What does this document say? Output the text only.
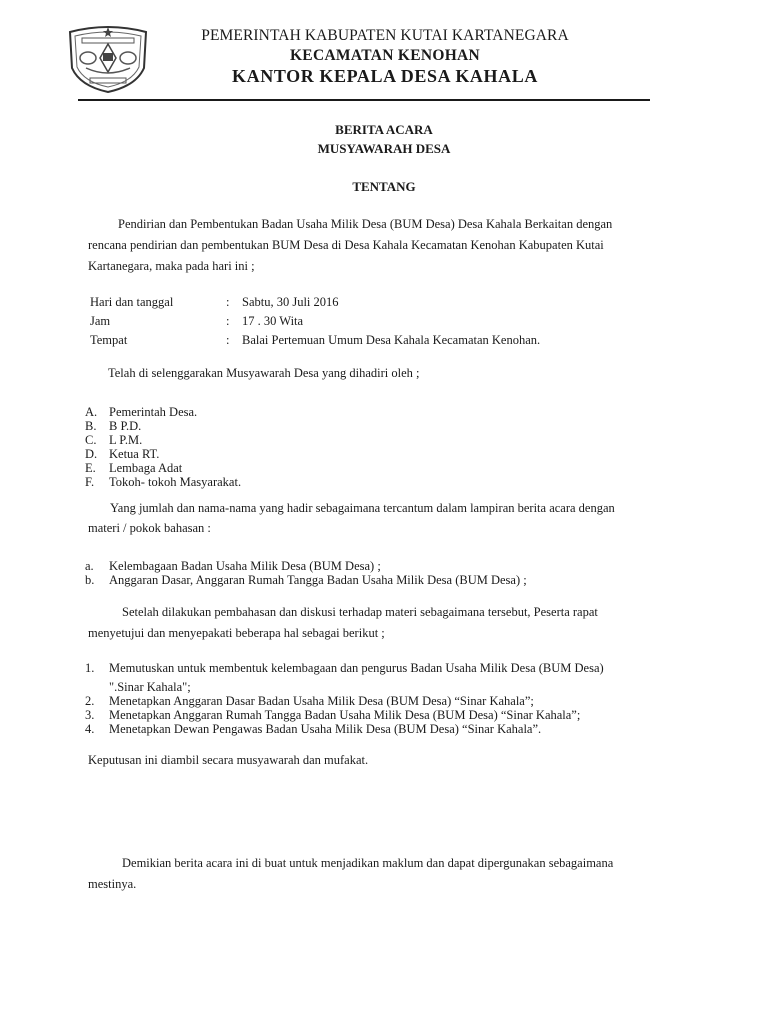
PEMERINTAH KABUPATEN KUTAI KARTANEGARA
KECAMATAN KENOHAN
KANTOR KEPALA DESA KAHALA
BERITA ACARA
MUSYAWARAH DESA
TENTANG
Pendirian dan Pembentukan Badan Usaha Milik Desa (BUM Desa) Desa Kahala Berkaitan dengan
rencana pendirian dan pembentukan BUM Desa di Desa Kahala Kecamatan Kenohan Kabupaten Kutai
Kartanegara, maka pada hari ini ;
Hari dan tanggal	: Sabtu, 30 Juli 2016
Jam	: 17 . 30 Wita
Tempat	: Balai Pertemuan Umum Desa Kahala Kecamatan Kenohan.
Telah di selenggarakan Musyawarah Desa yang dihadiri oleh ;
A. Pemerintah Desa.
B. B P.D.
C. L P.M.
D. Ketua RT.
E. Lembaga Adat
F. Tokoh- tokoh Masyarakat.
Yang jumlah dan nama-nama yang hadir sebagaimana tercantum dalam lampiran berita acara dengan
materi / pokok bahasan :
a. Kelembagaan Badan Usaha Milik Desa (BUM Desa) ;
b. Anggaran Dasar, Anggaran Rumah Tangga Badan Usaha Milik Desa (BUM Desa) ;
Setelah dilakukan pembahasan dan diskusi terhadap materi sebagaimana tersebut, Peserta rapat
menyetujui dan menyepakati beberapa hal sebagai berikut ;
1. Memutuskan untuk membentuk kelembagaan dan pengurus Badan Usaha Milik Desa (BUM Desa)
".Sinar Kahala";
2. Menetapkan Anggaran Dasar Badan Usaha Milik Desa (BUM Desa) “Sinar Kahala”;
3. Menetapkan Anggaran Rumah Tangga Badan Usaha Milik Desa (BUM Desa) “Sinar Kahala”;
4. Menetapkan Dewan Pengawas Badan Usaha Milik Desa (BUM Desa) “Sinar Kahala”.
Keputusan ini diambil secara musyawarah dan mufakat.
Demikian berita acara ini di buat untuk menjadikan maklum dan dapat dipergunakan sebagaimana
mestinya.
